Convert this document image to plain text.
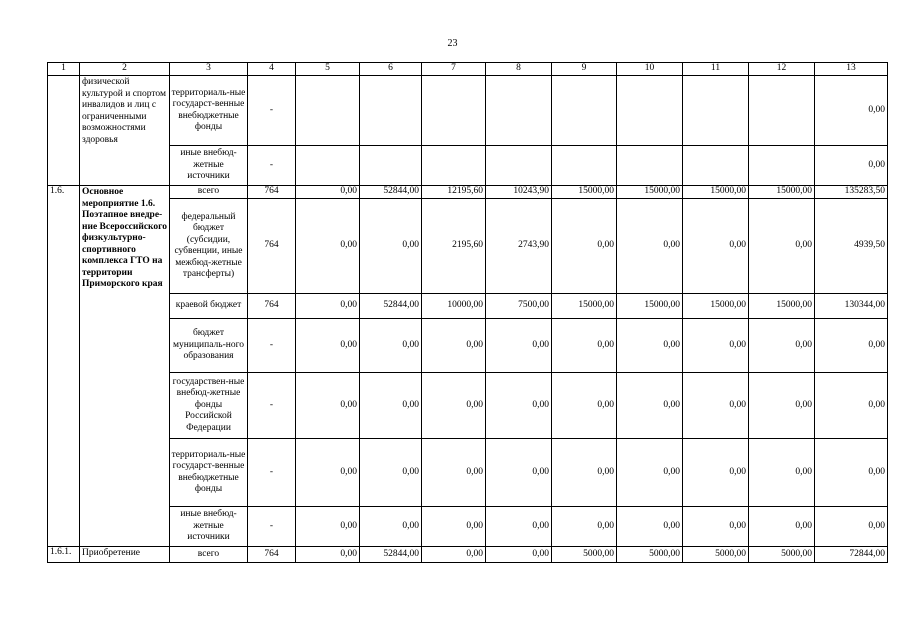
23
1	2	3	4	5	6	7	8	9	10	11	12	13
	физической культурой и спортом инвалидов и лиц с ограниченными возможностями здоровья	территориаль-ные государст-венные внебюджетные фонды	-									0,00
		иные внебюд-жетные источники	-									0,00
1.6.	Основное мероприятие 1.6. Поэтапное внедре-ние Всероссийского физкультурно-спортивного комплекса ГТО на территории Приморского края	всего	764	0,00	52844,00	12195,60	10243,90	15000,00	15000,00	15000,00	15000,00	135283,50
		федеральный бюджет (субсидии, субвенции, иные межбюд-жетные трансферты)	764	0,00	0,00	2195,60	2743,90	0,00	0,00	0,00	0,00	4939,50
		краевой бюджет	764	0,00	52844,00	10000,00	7500,00	15000,00	15000,00	15000,00	15000,00	130344,00
		бюджет муниципаль-ного образования	-	0,00	0,00	0,00	0,00	0,00	0,00	0,00	0,00	0,00
		государствен-ные внебюд-жетные фонды Российской Федерации	-	0,00	0,00	0,00	0,00	0,00	0,00	0,00	0,00	0,00
		территориаль-ные государст-венные внебюджетные фонды	-	0,00	0,00	0,00	0,00	0,00	0,00	0,00	0,00	0,00
		иные внебюд-жетные источники	-	0,00	0,00	0,00	0,00	0,00	0,00	0,00	0,00	0,00
1.6.1.	Приобретение	всего	764	0,00	52844,00	0,00	0,00	5000,00	5000,00	5000,00	5000,00	72844,00
